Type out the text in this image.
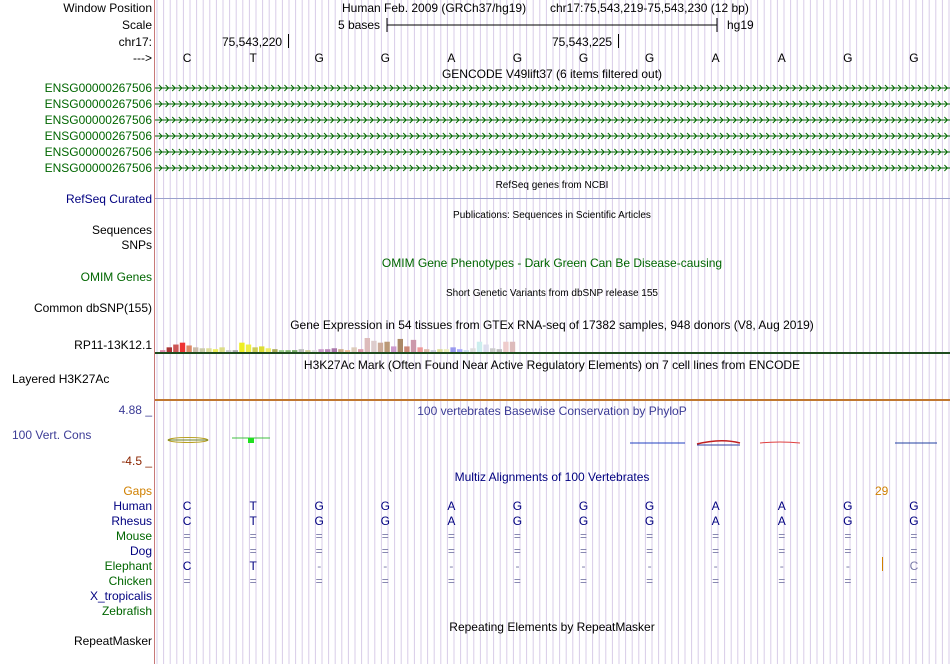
Window Position
Scale
chr17:
--->
Human Feb. 2009 (GRCh37/hg19) chr17:75,543,219-75,543,230 (12 bp)
5 bases	hg19
75,543,220	75,543,225
C	T	G	G	A	G	G	G	A	A	G	G
GENCODE V49lift37 (6 items filtered out)
ENSG00000267506
ENSG00000267506
ENSG00000267506
ENSG00000267506
ENSG00000267506
ENSG00000267506
RefSeq genes from NCBI
RefSeq Curated
Publications: Sequences in Scientific Articles
Sequences
SNPs
OMIM Gene Phenotypes - Dark Green Can Be Disease-causing
OMIM Genes
Short Genetic Variants from dbSNP release 155
Common dbSNP(155)
Gene Expression in 54 tissues from GTEx RNA-seq of 17382 samples, 948 donors (V8, Aug 2019)
RP11-13K12.1
H3K27Ac Mark (Often Found Near Active Regulatory Elements) on 7 cell lines from ENCODE
Layered H3K27Ac
100 vertebrates Basewise Conservation by PhyloP
4.88 _
100 Vert. Cons
-4.5 _
Multiz Alignments of 100 Vertebrates
Gaps	29
Human	C	T	G	G	A	G	G	G	A	A	G	G
Rhesus	C	T	G	G	A	G	G	G	A	A	G	G
Mouse	=	=	=	=	=	=	=	=	=	=	=	=
Dog	=	=	=	=	=	=	=	=	=	=	=	=
Elephant	C	T	-	-	-	-	-	-	-	-	-	C
Chicken	=	=	=	=	=	=	=	=	=	=	=	=
X_tropicalis
Zebrafish
Repeating Elements by RepeatMasker
RepeatMasker
